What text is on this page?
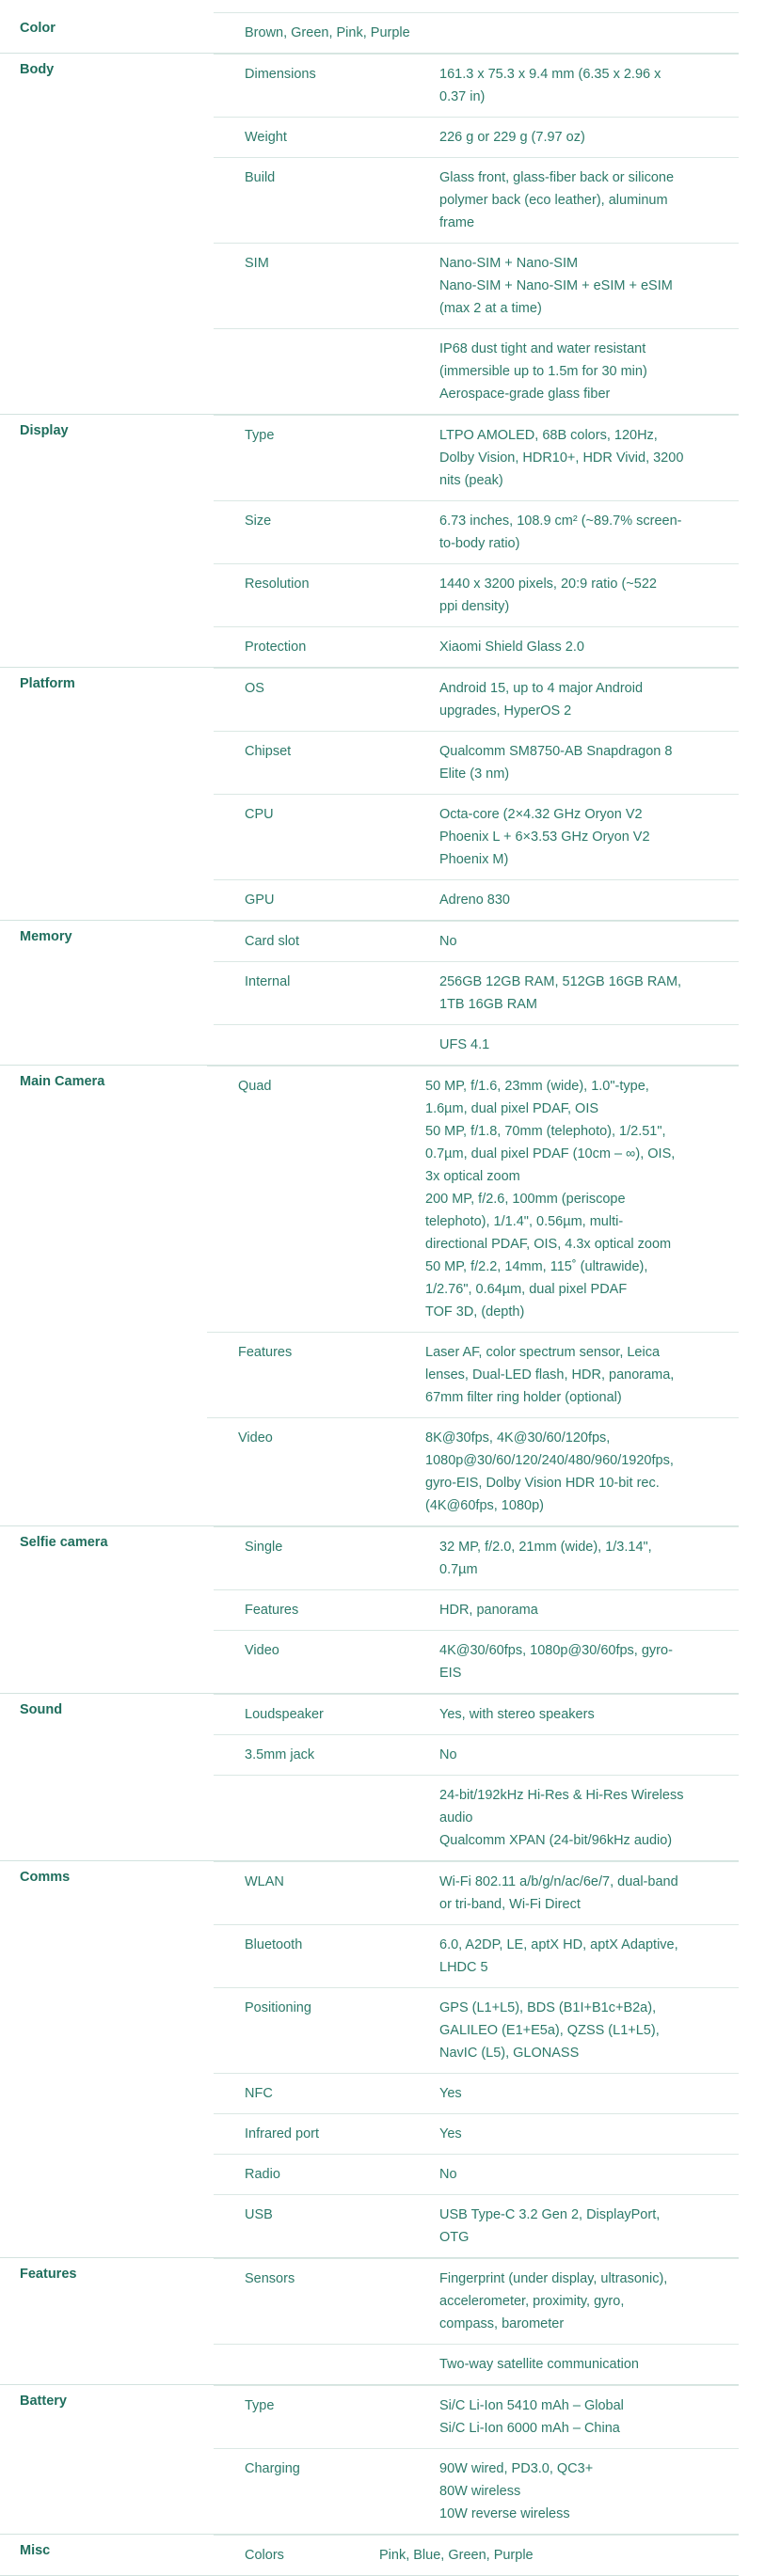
Color	Brown, Green, Pink, Purple
Body	Dimensions	161.3 x 75.3 x 9.4 mm (6.35 x 2.96 x
0.37 in)
Weight	226 g or 229 g (7.97 oz)
Build	Glass front, glass-fiber back or silicone
polymer back (eco leather), aluminum
frame
SIM	Nano-SIM + Nano-SIM
Nano-SIM + Nano-SIM + eSIM + eSIM
(max 2 at a time)

IP68 dust tight and water resistant
(immersible up to 1.5m for 30 min)
Aerospace-grade glass fiber
Display	Type	LTPO AMOLED, 68B colors, 120Hz,
Dolby Vision, HDR10+, HDR Vivid, 3200
nits (peak)
Size	6.73 inches, 108.9 cm² (~89.7% screen-
to-body ratio)
Resolution	1440 x 3200 pixels, 20:9 ratio (~522
ppi density)
Protection	Xiaomi Shield Glass 2.0
Platform	OS	Android 15, up to 4 major Android
upgrades, HyperOS 2
Chipset	Qualcomm SM8750-AB Snapdragon 8
Elite (3 nm)
CPU	Octa-core (2×4.32 GHz Oryon V2
Phoenix L + 6×3.53 GHz Oryon V2
Phoenix M)
GPU	Adreno 830
Memory	Card slot	No
Internal	256GB 12GB RAM, 512GB 16GB RAM,
1TB 16GB RAM

UFS 4.1
Main Camera	Quad	50 MP, f/1.6, 23mm (wide), 1.0"-type,
1.6µm, dual pixel PDAF, OIS
50 MP, f/1.8, 70mm (telephoto), 1/2.51",
0.7µm, dual pixel PDAF (10cm – ∞), OIS,
3x optical zoom
200 MP, f/2.6, 100mm (periscope
telephoto), 1/1.4", 0.56µm, multi-
directional PDAF, OIS, 4.3x optical zoom
50 MP, f/2.2, 14mm, 115˚ (ultrawide),
1/2.76", 0.64µm, dual pixel PDAF
TOF 3D, (depth)
Features	Laser AF, color spectrum sensor, Leica
lenses, Dual-LED flash, HDR, panorama,
67mm filter ring holder (optional)
Video	8K@30fps, 4K@30/60/120fps,
1080p@30/60/120/240/480/960/1920fps,
gyro-EIS, Dolby Vision HDR 10-bit rec.
(4K@60fps, 1080p)
Selfie camera	Single	32 MP, f/2.0, 21mm (wide), 1/3.14",
0.7µm
Features	HDR, panorama
Video	4K@30/60fps, 1080p@30/60fps, gyro-
EIS
Sound	Loudspeaker	Yes, with stereo speakers
3.5mm jack	No

24-bit/192kHz Hi-Res & Hi-Res Wireless
audio
Qualcomm XPAN (24-bit/96kHz audio)
Comms	WLAN	Wi-Fi 802.11 a/b/g/n/ac/6e/7, dual-band
or tri-band, Wi-Fi Direct
Bluetooth	6.0, A2DP, LE, aptX HD, aptX Adaptive,
LHDC 5
Positioning	GPS (L1+L5), BDS (B1I+B1c+B2a),
GALILEO (E1+E5a), QZSS (L1+L5),
NavIC (L5), GLONASS
NFC	Yes
Infrared port	Yes
Radio	No
USB	USB Type-C 3.2 Gen 2, DisplayPort,
OTG
Features	Sensors	Fingerprint (under display, ultrasonic),
accelerometer, proximity, gyro,
compass, barometer

Two-way satellite communication
Battery	Type	Si/C Li-Ion 5410 mAh – Global
Si/C Li-Ion 6000 mAh – China
Charging	90W wired, PD3.0, QC3+
80W wireless
10W reverse wireless
Misc	Colors	Pink, Blue, Green, Purple
